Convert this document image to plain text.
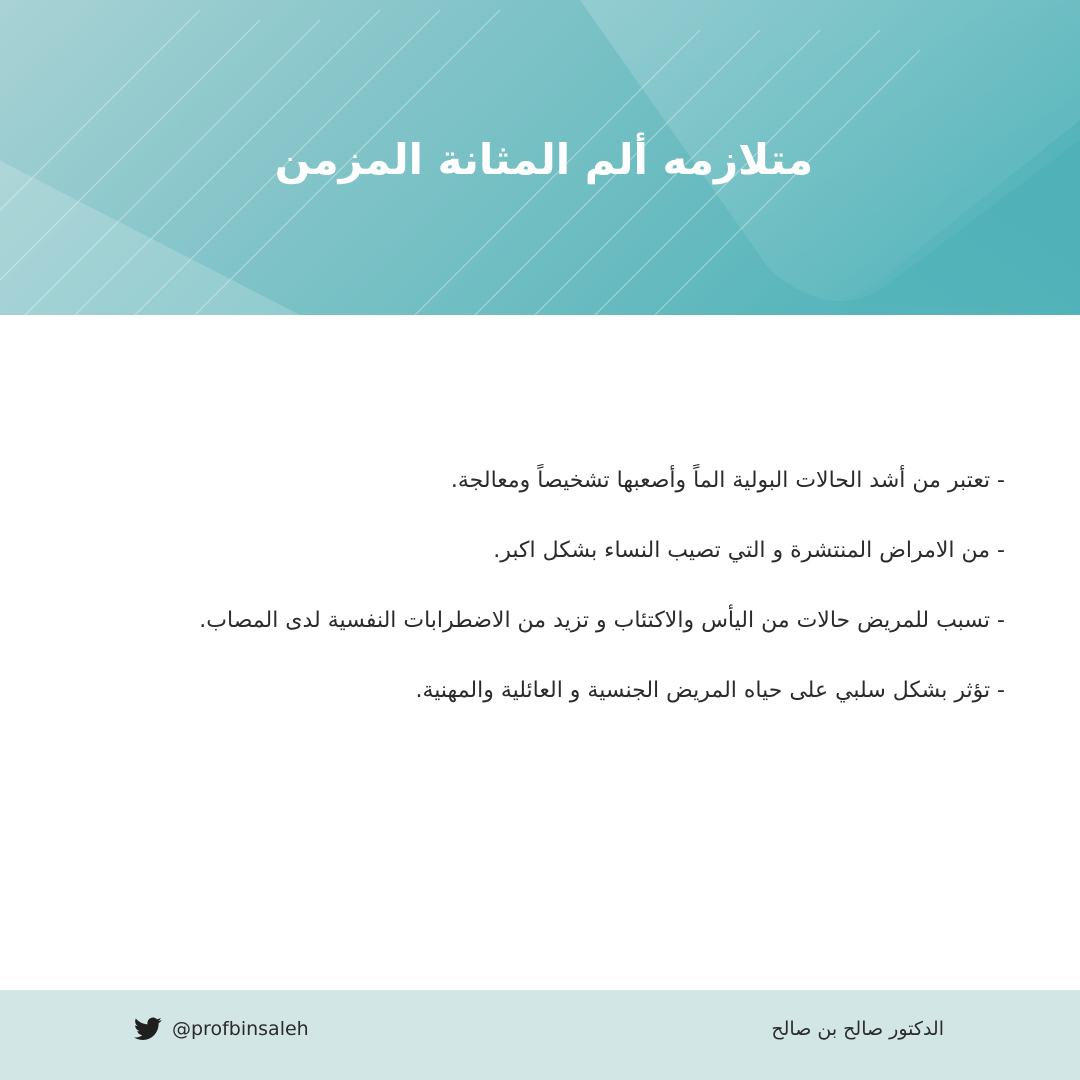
متلازمه ألم المثانة المزمن

- تعتبر من أشد الحالات البولية الماً وأصعبها تشخيصاً ومعالجة.

- من الامراض المنتشرة و التي تصيب النساء بشكل اكبر.

- تسبب للمريض حالات من اليأس والاكتئاب و تزيد من الاضطرابات النفسية لدى المصاب.

- تؤثر بشكل سلبي على حياه المريض الجنسية و العائلية والمهنية.

الدكتور صالح بن صالح
@profbinsaleh
